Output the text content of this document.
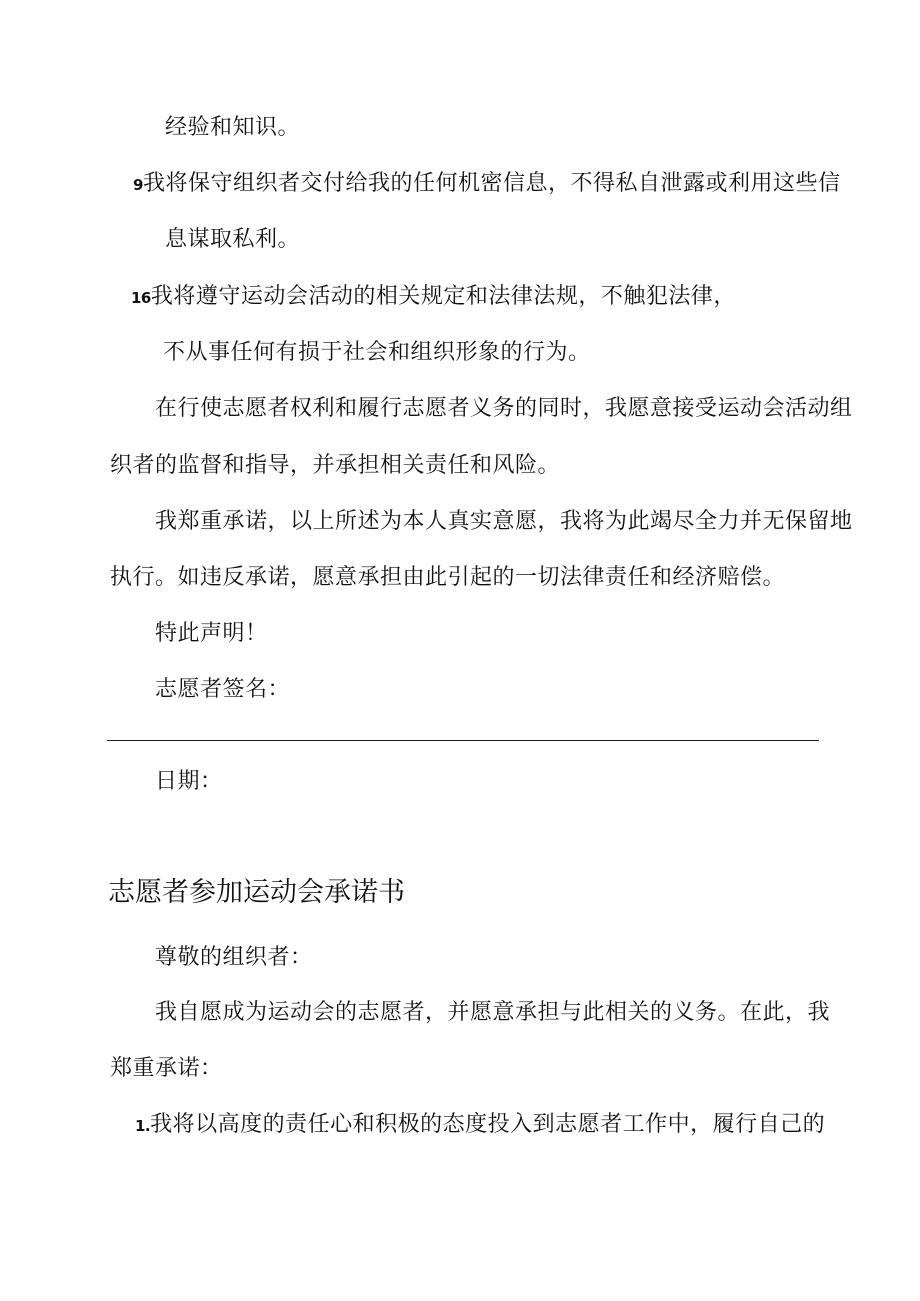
经验和知识。
9我将保守组织者交付给我的任何机密信息，不得私自泄露或利用这些信
息谋取私利。
16我将遵守运动会活动的相关规定和法律法规，不触犯法律，
不从事任何有损于社会和组织形象的行为。
在行使志愿者权利和履行志愿者义务的同时，我愿意接受运动会活动组
织者的监督和指导，并承担相关责任和风险。
我郑重承诺，以上所述为本人真实意愿，我将为此竭尽全力并无保留地
执行。如违反承诺，愿意承担由此引起的一切法律责任和经济赔偿。
特此声明！
志愿者签名：
日期：
志愿者参加运动会承诺书
尊敬的组织者：
我自愿成为运动会的志愿者，并愿意承担与此相关的义务。在此，我
郑重承诺：
1.我将以高度的责任心和积极的态度投入到志愿者工作中，履行自己的
